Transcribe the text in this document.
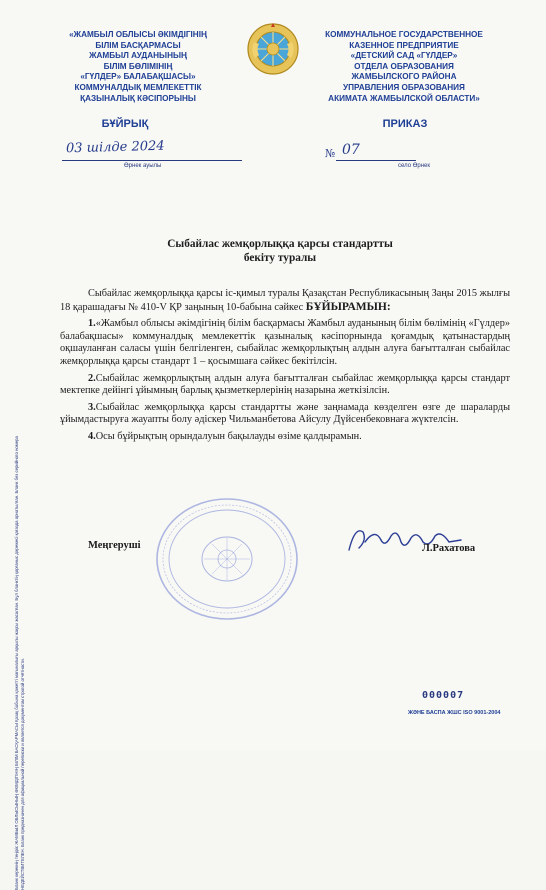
«ЖАМБЫЛ ОБЛЫСЫ ӘКІМДІГІНІҢ
БІЛІМ БАСҚАРМАСЫ
ЖАМБЫЛ АУДАНЫНЫҢ
БІЛІМ БӨЛІМІНІҢ
«ГҮЛДЕР» БАЛАБАҚШАСЫ»
КОММУНАЛДЫҚ МЕМЛЕКЕТТІК
ҚАЗЫНАЛЫҚ КӘСІПОРЫНЫ
КОММУНАЛЬНОЕ ГОСУДАРСТВЕННОЕ
КАЗЕННОЕ ПРЕДПРИЯТИЕ
«ДЕТСКИЙ САД «ГҮЛДЕР»
ОТДЕЛА ОБРАЗОВАНИЯ
ЖАМБЫЛСКОГО РАЙОНА
УПРАВЛЕНИЯ ОБРАЗОВАНИЯ
АКИМАТА ЖАМБЫЛСКОЙ ОБЛАСТИ»
БҰЙРЫҚ	ПРИКАЗ
03 шілде 2024
Өрнек ауылы
№ 07
село Өрнек
Бланк керекнің теңіріс ЖАМБЫЛ ОБЛЫСЫНЫҢ ӘКІМДІГІНІҢ БІЛІМ БАСҚАРМАСЫ Қазақ бабына қажетті мағыналығы арқылы жақсы жасалған. Бұл бланктің қорғаныс дәрежесі қағазда орнатылған. Бланк без серийного номера НЕДЕЙСТВИТЕЛЕН. Бланк предназначен для официальной переписки и является документом строгой отчётности.
Сыбайлас жемқорлыққа қарсы стандартты
бекіту туралы

Сыбайлас жемқорлыққа қарсы іс-қимыл туралы Қазақстан Республикасының Заңы 2015 жылғы 18 қарашадағы № 410-V ҚР заңының 10-бабына сәйкес БҰЙЫРАМЫН:

1.«Жамбыл облысы әкімдігінің білім басқармасы Жамбыл ауданының білім бөлімінің «Гүлдер» балабақшасы» коммуналдық мемлекеттік қазыналық кәсіпорнында қоғамдық қатынастардың оқшауланған саласы үшін белгіленген, сыбайлас жемқорлықтың алдын алуға бағытталған сыбайлас жемқорлыққа қарсы стандарт 1 – қосымшаға сәйкес бекітілсін.

2.Сыбайлас жемқорлықтың алдын алуға бағытталған сыбайлас жемқорлыққа қарсы стандарт мектепке дейінгі ұйымның барлық қызметкерлерінің назарына жеткізілсін.

3.Сыбайлас жемқорлыққа қарсы стандартты және заңнамада көзделген өзге де шараларды ұйымдастыруға жауапты болу әдіскер Чильманбетова Айсулу Дүйсенбековнаға жүктелсін.

4.Осы бұйрықтың орындалуын бақылауды өзіме қалдырамын.

Меңгеруші	Л.Рахатова
000007
ЖӘНЕ БАСПА ЖШС ISO 9001-2004
